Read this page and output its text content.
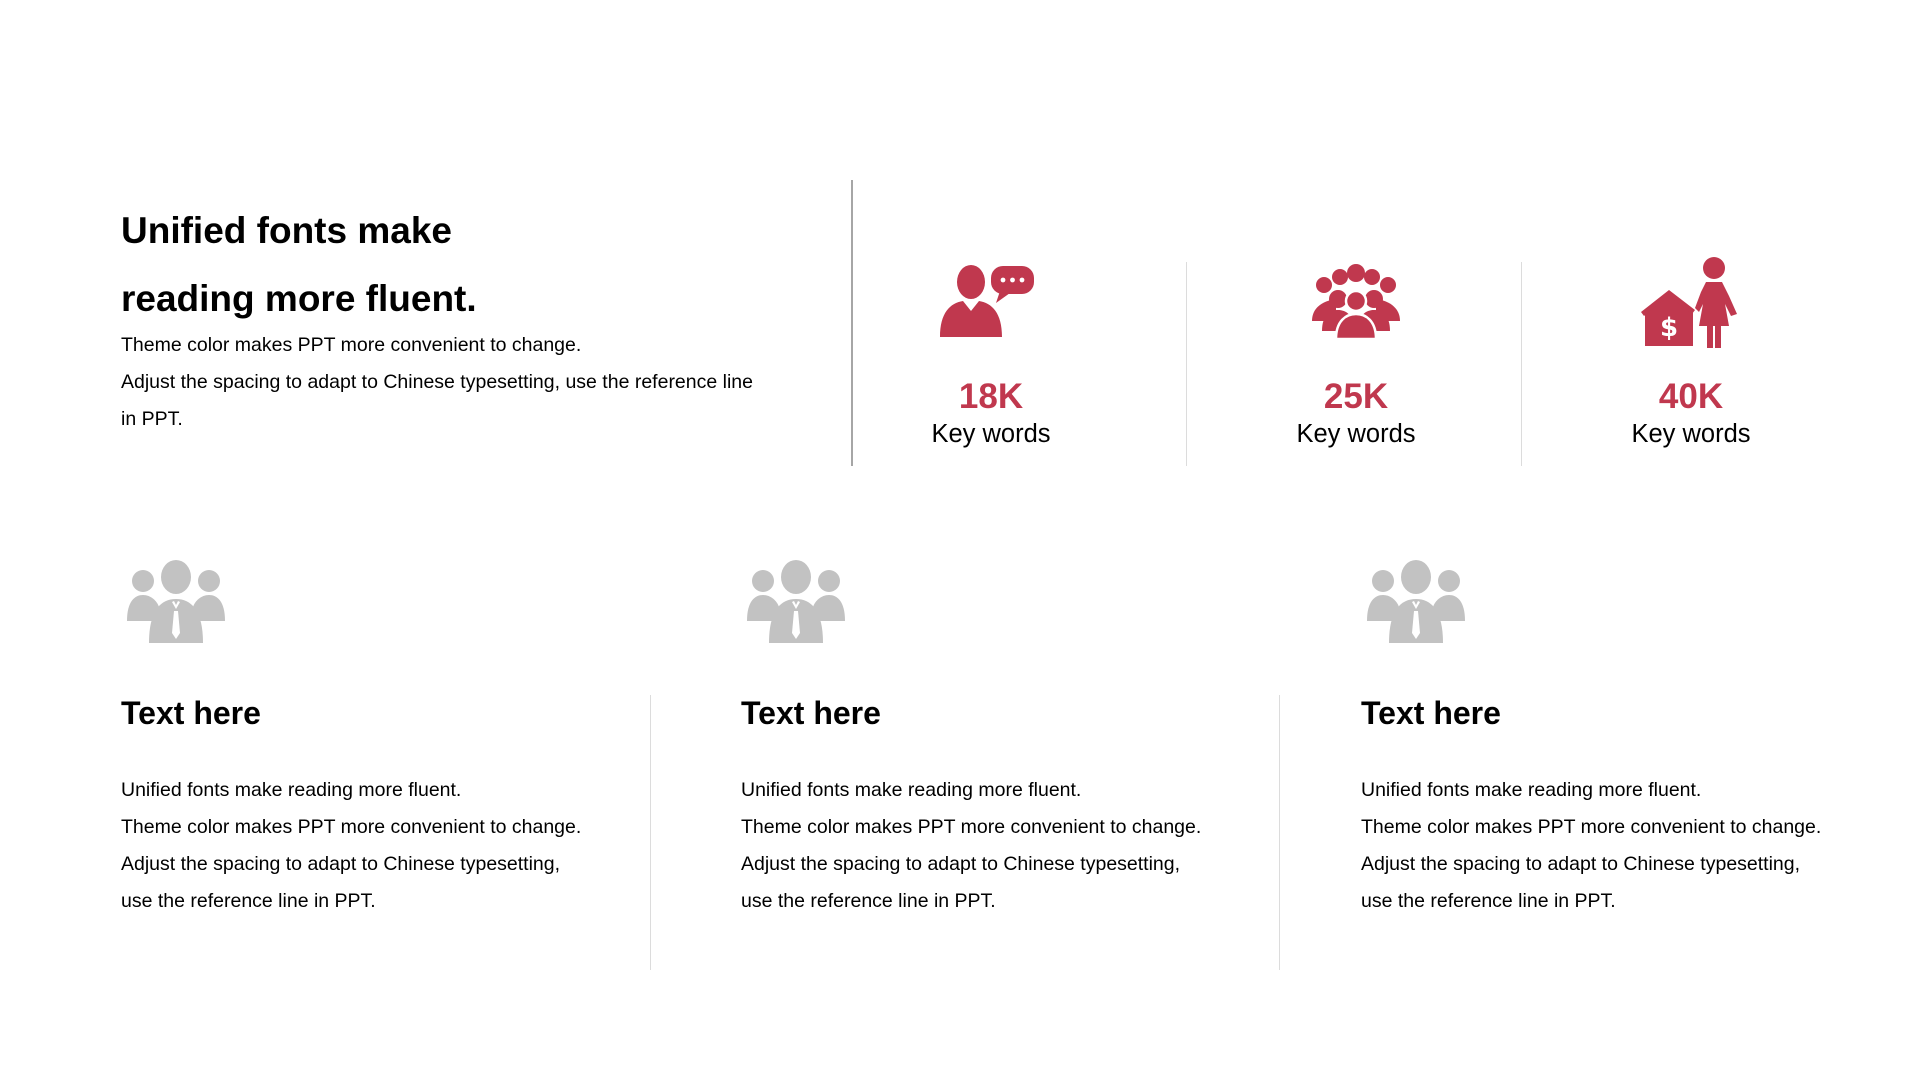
Unified fonts make
reading more fluent.
Theme color makes PPT more convenient to change.
Adjust the spacing to adapt to Chinese typesetting, use the reference line
in PPT.
18K
Key words
25K
Key words
$
40K
Key words
Text here
Unified fonts make reading more fluent.
Theme color makes PPT more convenient to change.
Adjust the spacing to adapt to Chinese typesetting,
use the reference line in PPT.
Text here
Unified fonts make reading more fluent.
Theme color makes PPT more convenient to change.
Adjust the spacing to adapt to Chinese typesetting,
use the reference line in PPT.
Text here
Unified fonts make reading more fluent.
Theme color makes PPT more convenient to change.
Adjust the spacing to adapt to Chinese typesetting,
use the reference line in PPT.
